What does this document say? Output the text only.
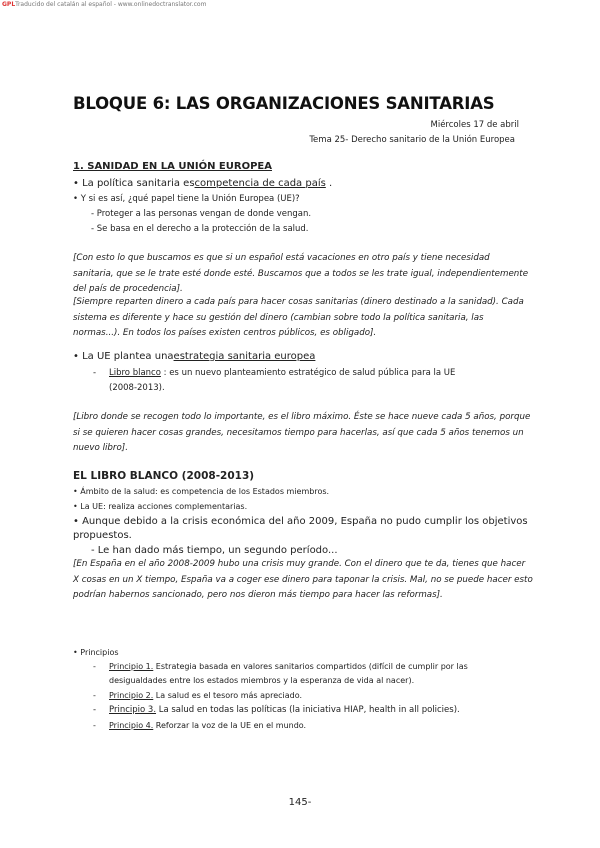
GPLTraducido del catalán al español - www.onlinedoctranslator.com
BLOQUE 6: LAS ORGANIZACIONES SANITARIAS
Miércoles 17 de abril
Tema 25- Derecho sanitario de la Unión Europea
1. SANIDAD EN LA UNIÓN EUROPEA
• La política sanitaria escompetencia de cada país .
• Y si es así, ¿qué papel tiene la Unión Europea (UE)?
- Proteger a las personas vengan de donde vengan.
- Se basa en el derecho a la protección de la salud.
[Con esto lo que buscamos es que si un español está vacaciones en otro país y tiene necesidad sanitaria, que se le trate esté donde esté. Buscamos que a todos se les trate igual, independientemente del país de procedencia].
[Siempre reparten dinero a cada país para hacer cosas sanitarias (dinero destinado a la sanidad). Cada sistema es diferente y hace su gestión del dinero (cambian sobre todo la política sanitaria, las normas...). En todos los países existen centros públicos, es obligado].
• La UE plantea unaestrategia sanitaria europea
- Libro blanco : es un nuevo planteamiento estratégico de salud pública para la UE
(2008-2013).
[Libro donde se recogen todo lo importante, es el libro máximo. Éste se hace nueve cada 5 años, porque si se quieren hacer cosas grandes, necesitamos tiempo para hacerlas, así que cada 5 años tenemos un nuevo libro].
EL LIBRO BLANCO (2008-2013)
• Ámbito de la salud: es competencia de los Estados miembros.
• La UE: realiza acciones complementarias.
• Aunque debido a la crisis económica del año 2009, España no pudo cumplir los objetivos
propuestos.
- Le han dado más tiempo, un segundo período...
[En España en el año 2008-2009 hubo una crisis muy grande. Con el dinero que te da, tienes que hacer X cosas en un X tiempo, España va a coger ese dinero para taponar la crisis. Mal, no se puede hacer esto podrían habernos sancionado, pero nos dieron más tiempo para hacer las reformas].
• Principios
- Principio 1. Estrategia basada en valores sanitarios compartidos (difícil de cumplir por las
desigualdades entre los estados miembros y la esperanza de vida al nacer).
- Principio 2. La salud es el tesoro más apreciado.
- Principio 3. La salud en todas las políticas (la iniciativa HIAP, health in all policies).
- Principio 4. Reforzar la voz de la UE en el mundo.
145-
